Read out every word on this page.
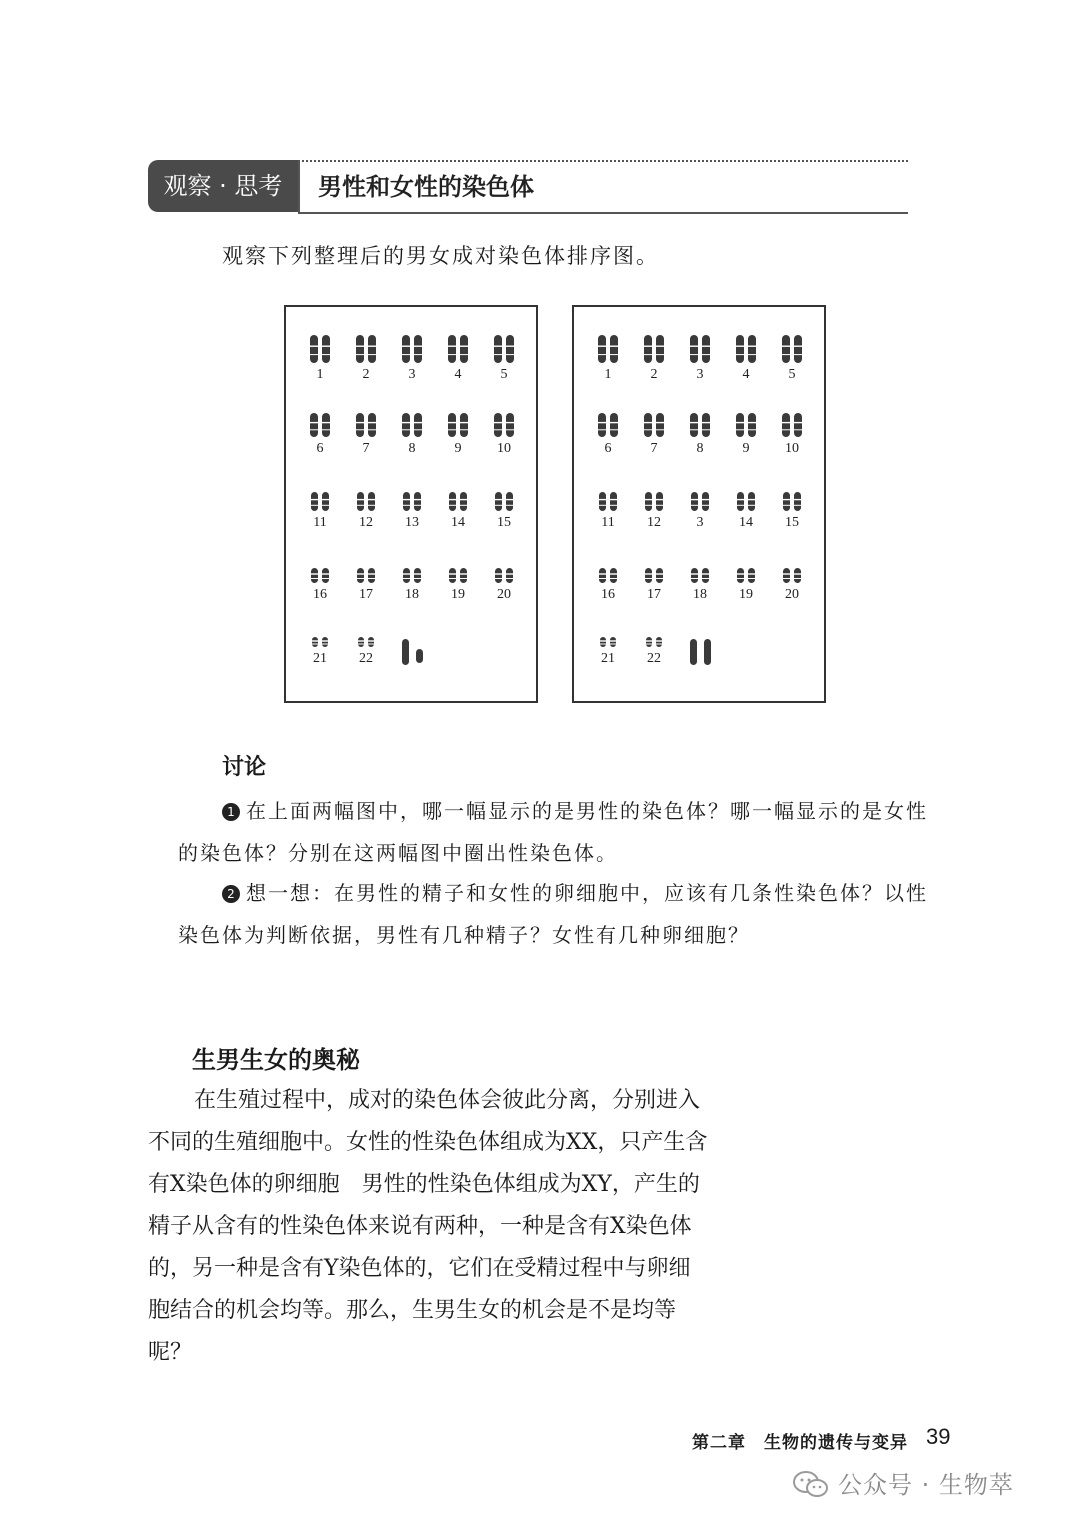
观察 · 思考	男性和女性的染色体
观察下列整理后的男女成对染色体排序图。
1	2	3	4	5
6	7	8	9	10
11	12	13	14	15
16	17	18	19	20
21	22
1	2	3	4	5
6	7	8	9	10
11	12	3	14	15
16	17	18	19	20
21	22
讨论
1 在上面两幅图中，哪一幅显示的是男性的染色体？哪一幅显示的是女性的染色体？分别在这两幅图中圈出性染色体。
2 想一想：在男性的精子和女性的卵细胞中，应该有几条性染色体？以性染色体为判断依据，男性有几种精子？女性有几种卵细胞？
生男生女的奥秘
在生殖过程中，成对的染色体会彼此分离，分别进入不同的生殖细胞中。女性的性染色体组成为XX，只产生含有X染色体的卵细胞　男性的性染色体组成为XY，产生的精子从含有的性染色体来说有两种，一种是含有X染色体的，另一种是含有Y染色体的，它们在受精过程中与卵细胞结合的机会均等。那么，生男生女的机会是不是均等呢？
第二章　生物的遗传与变异 39
公众号 · 生物萃
